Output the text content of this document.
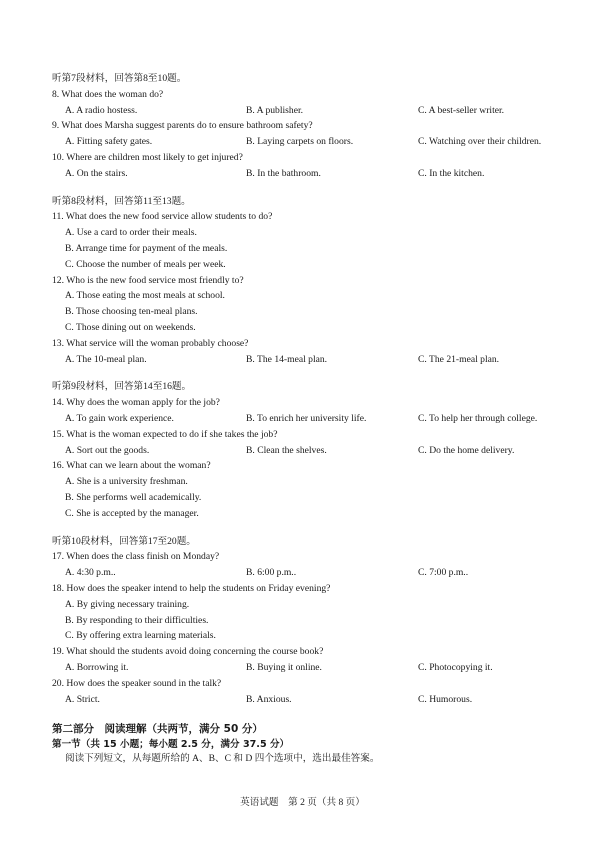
听第7段材料，回答第8至10题。
8. What does the woman do?
A. A radio hostess.	B. A publisher.	C. A best-seller writer.
9. What does Marsha suggest parents do to ensure bathroom safety?
A. Fitting safety gates.	B. Laying carpets on floors.	C. Watching over their children.
10. Where are children most likely to get injured?
A. On the stairs.	B. In the bathroom.	C. In the kitchen.
听第8段材料，回答第11至13题。
11. What does the new food service allow students to do?
A. Use a card to order their meals.
B. Arrange time for payment of the meals.
C. Choose the number of meals per week.
12. Who is the new food service most friendly to?
A. Those eating the most meals at school.
B. Those choosing ten-meal plans.
C. Those dining out on weekends.
13. What service will the woman probably choose?
A. The 10-meal plan.	B. The 14-meal plan.	C. The 21-meal plan.
听第9段材料，回答第14至16题。
14. Why does the woman apply for the job?
A. To gain work experience.	B. To enrich her university life.	C. To help her through college.
15. What is the woman expected to do if she takes the job?
A. Sort out the goods.	B. Clean the shelves.	C. Do the home delivery.
16. What can we learn about the woman?
A. She is a university freshman.
B. She performs well academically.
C. She is accepted by the manager.
听第10段材料，回答第17至20题。
17. When does the class finish on Monday?
A. 4:30 p.m..	B. 6:00 p.m..	C. 7:00 p.m..
18. How does the speaker intend to help the students on Friday evening?
A. By giving necessary training.
B. By responding to their difficulties.
C. By offering extra learning materials.
19. What should the students avoid doing concerning the course book?
A. Borrowing it.	B. Buying it online.	C. Photocopying it.
20. How does the speaker sound in the talk?
A. Strict.	B. Anxious.	C. Humorous.
第二部分　阅读理解（共两节，满分 50 分）
第一节（共 15 小题；每小题 2.5 分，满分 37.5 分）
阅读下列短文，从每题所给的 A、B、C 和 D 四个选项中，选出最佳答案。
英语试题　第 2 页（共 8 页）
